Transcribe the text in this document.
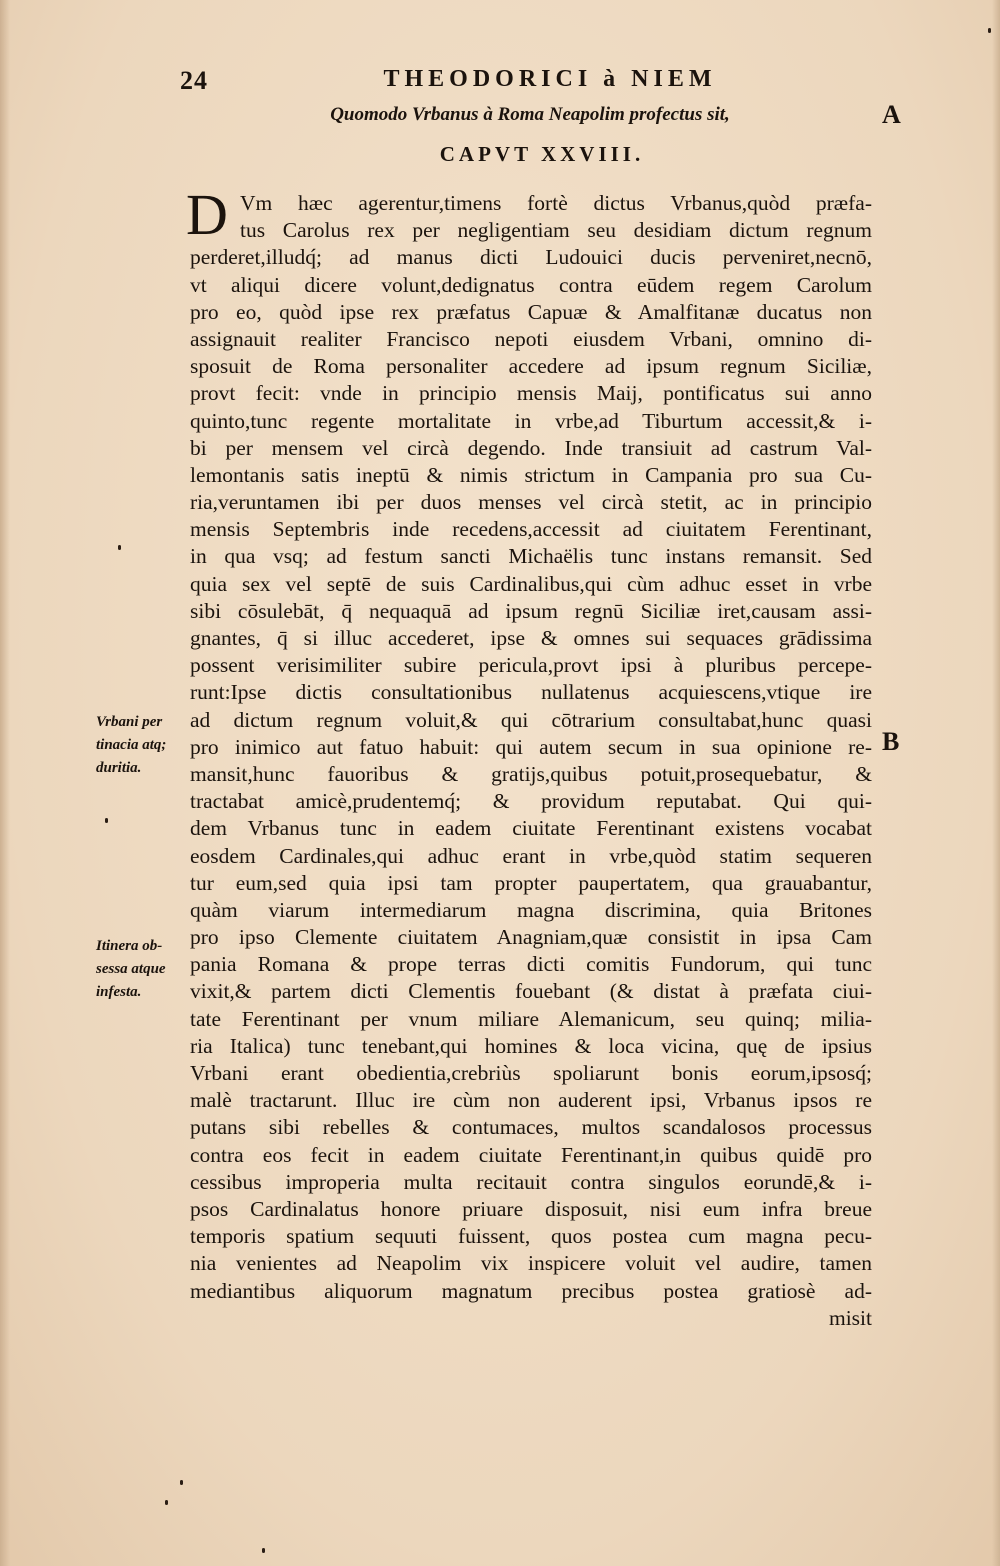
24	THEODORICI à NIEM
Quomodo Vrbanus à Roma Neapolim profectus sit,
CAPVT XXVIII.
A
B
D Vm hæc agerentur,timens fortè dictus Vrbanus,quòd præfa-
tus Carolus rex per negligentiam seu desidiam dictum regnum
perderet,illudq́; ad manus dicti Ludouici ducis perveniret,necnō,
vt aliqui dicere volunt,dedignatus contra eūdem regem Carolum
pro eo, quòd ipse rex præfatus Capuæ & Amalfitanæ ducatus non
assignauit realiter Francisco nepoti eiusdem Vrbani, omnino di-
sposuit de Roma personaliter accedere ad ipsum regnum Siciliæ,
provt fecit: vnde in principio mensis Maij, pontificatus sui anno
quinto,tunc regente mortalitate in vrbe,ad Tiburtum accessit,& i-
bi per mensem vel circà degendo. Inde transiuit ad castrum Val-
lemontanis satis ineptū & nimis strictum in Campania pro sua Cu-
ria,veruntamen ibi per duos menses vel circà stetit, ac in principio
mensis Septembris inde recedens,accessit ad ciuitatem Ferentinant,
in qua vsq; ad festum sancti Michaëlis tunc instans remansit. Sed
quia sex vel septē de suis Cardinalibus,qui cùm adhuc esset in vrbe
sibi cōsulebāt, q̄ nequaquā ad ipsum regnū Siciliæ iret,causam assi-
gnantes, q̄ si illuc accederet, ipse & omnes sui sequaces grādissima
possent verisimiliter subire pericula,provt ipsi à pluribus percepe-
runt:Ipse dictis consultationibus nullatenus acquiescens,vtique ire
ad dictum regnum voluit,& qui cōtrarium consultabat,hunc quasi
pro inimico aut fatuo habuit: qui autem secum in sua opinione re-
mansit,hunc fauoribus & gratijs,quibus potuit,prosequebatur, &
tractabat amicè,prudentemq́; & providum reputabat. Qui qui-
dem Vrbanus tunc in eadem ciuitate Ferentinant existens vocabat
eosdem Cardinales,qui adhuc erant in vrbe,quòd statim sequeren
tur eum,sed quia ipsi tam propter paupertatem, qua grauabantur,
quàm viarum intermediarum magna discrimina, quia Britones
pro ipso Clemente ciuitatem Anagniam,quæ consistit in ipsa Cam
pania Romana & prope terras dicti comitis Fundorum, qui tunc
vixit,& partem dicti Clementis fouebant (& distat à præfata ciui-
tate Ferentinant per vnum miliare Alemanicum, seu quinq; milia-
ria Italica) tunc tenebant,qui homines & loca vicina, quę de ipsius
Vrbani erant obedientia,crebriùs spoliarunt bonis eorum,ipsosq́;
malè tractarunt. Illuc ire cùm non auderent ipsi, Vrbanus ipsos re
putans sibi rebelles & contumaces, multos scandalosos processus
contra eos fecit in eadem ciuitate Ferentinant,in quibus quidē pro
cessibus improperia multa recitauit contra singulos eorundē,& i-
psos Cardinalatus honore priuare disposuit, nisi eum infra breue
temporis spatium sequuti fuissent, quos postea cum magna pecu-
nia venientes ad Neapolim vix inspicere voluit vel audire, tamen
mediantibus aliquorum magnatum precibus postea gratiosè ad-
misit
Vrbani per
tinacia atq;
duritia.
Itinera ob-
sessa atque
infesta.
